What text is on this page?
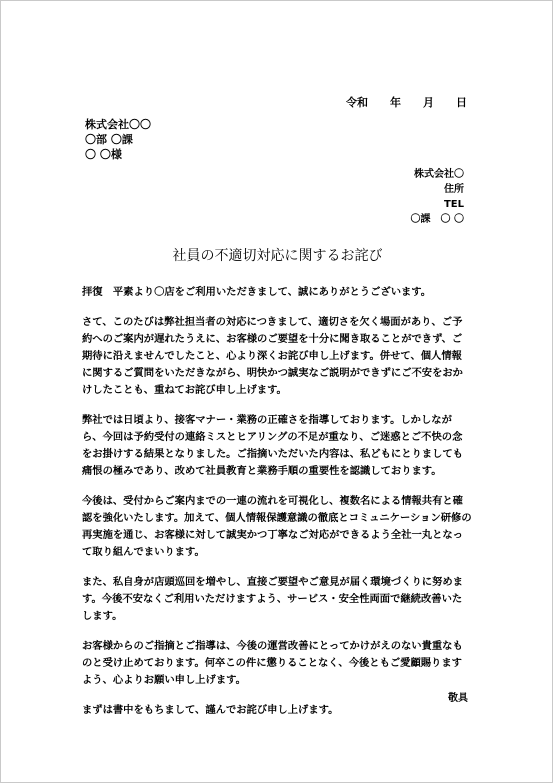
令和　　年　　月　　日
株式会社〇〇
〇部 〇課
〇 〇様
株式会社〇
住所
TEL
〇課　〇 〇
社員の不適切対応に関するお詫び

拝復　平素より〇店をご利用いただきまして、誠にありがとうございます。

さて、このたびは弊社担当者の対応につきまして、適切さを欠く場面があり、ご予約へのご案内が遅れたうえに、お客様のご要望を十分に聞き取ることができず、ご期待に沿えませんでしたこと、心より深くお詫び申し上げます。併せて、個人情報に関するご質問をいただきながら、明快かつ誠実なご説明ができずにご不安をおかけしたことも、重ねてお詫び申し上げます。

弊社では日頃より、接客マナー・業務の正確さを指導しております。しかしながら、今回は予約受付の連絡ミスとヒアリングの不足が重なり、ご迷惑とご不快の念をお掛けする結果となりました。ご指摘いただいた内容は、私どもにとりましても痛恨の極みであり、改めて社員教育と業務手順の重要性を認識しております。

今後は、受付からご案内までの一連の流れを可視化し、複数名による情報共有と確認を強化いたします。加えて、個人情報保護意識の徹底とコミュニケーション研修の再実施を通じ、お客様に対して誠実かつ丁寧なご対応ができるよう全社一丸となって取り組んでまいります。

また、私自身が店頭巡回を増やし、直接ご要望やご意見が届く環境づくりに努めます。今後不安なくご利用いただけますよう、サービス・安全性両面で継続改善いたします。

お客様からのご指摘とご指導は、今後の運営改善にとってかけがえのない貴重なものと受け止めております。何卒この件に懲りることなく、今後ともご愛顧賜りますよう、心よりお願い申し上げます。

まずは書中をもちまして、謹んでお詫び申し上げます。

敬具
